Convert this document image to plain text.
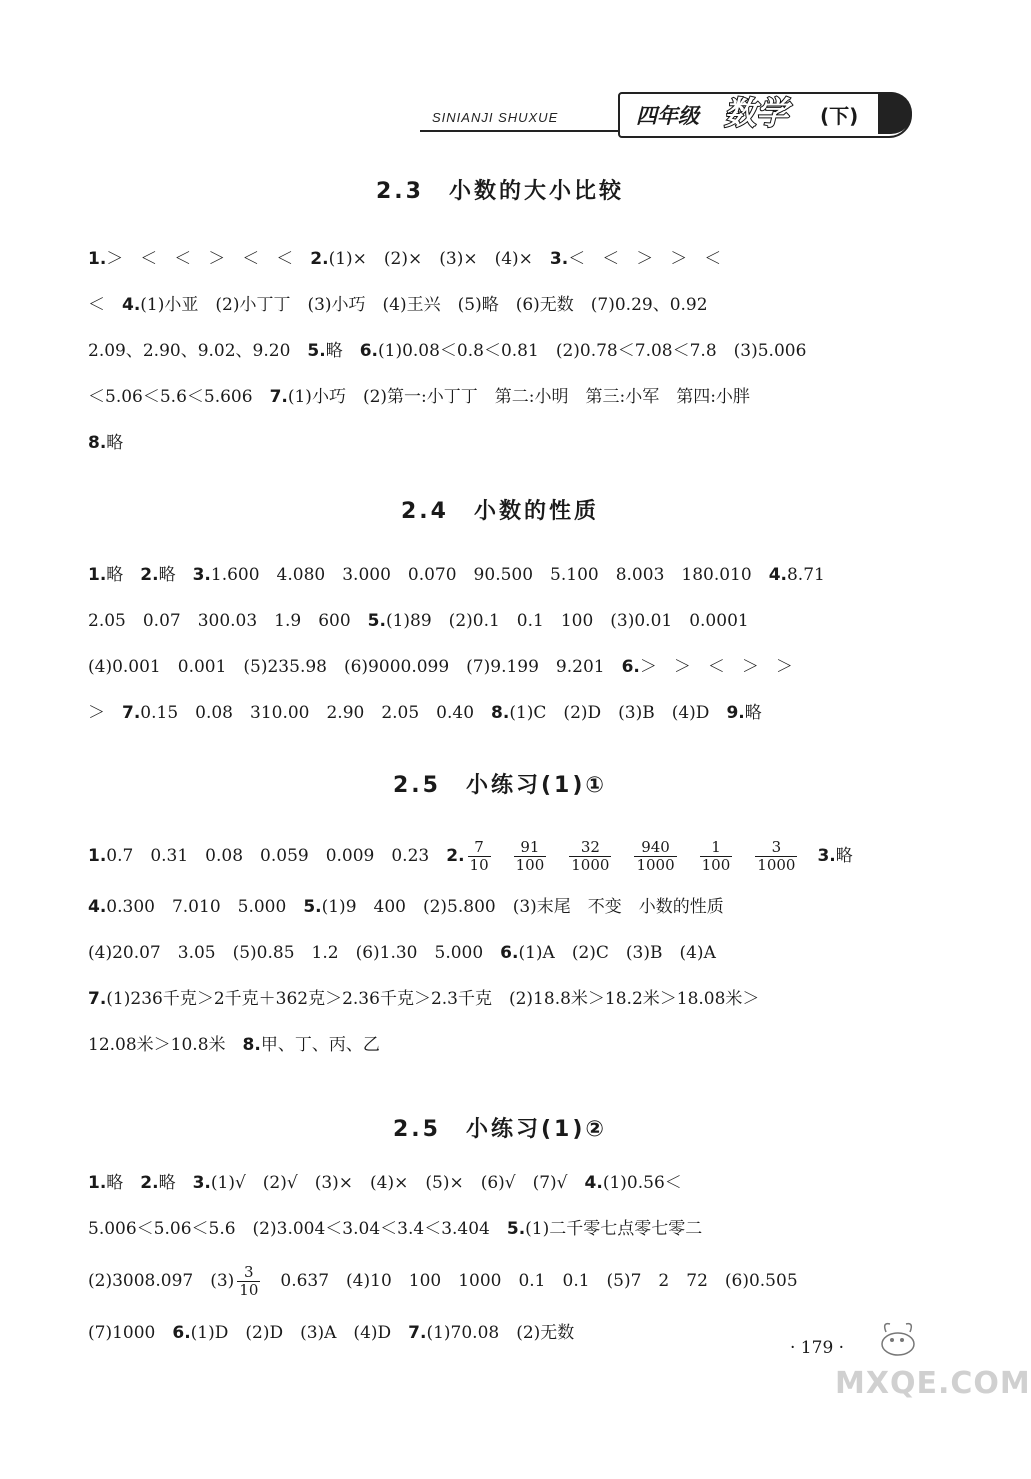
SINIANJI SHUXUE	四年级 数学 (下)
2.3　小数的大小比较
1.＞　＜　＜　＞　＜　＜　2.(1)×　(2)×　(3)×　(4)×　3.＜　＜　＞　＞　＜
＜　4.(1)小亚　(2)小丁丁　(3)小巧　(4)王兴　(5)略　(6)无数　(7)0.29、0.92
2.09、2.90、9.02、9.20　5.略　6.(1)0.08＜0.8＜0.81　(2)0.78＜7.08＜7.8　(3)5.006
＜5.06＜5.6＜5.606　7.(1)小巧　(2)第一:小丁丁　第二:小明　第三:小军　第四:小胖
8.略
2.4　小数的性质
1.略　2.略　3.1.600　4.080　3.000　0.070　90.500　5.100　8.003　180.010　4.8.71
2.05　0.07　300.03　1.9　600　5.(1)89　(2)0.1　0.1　100　(3)0.01　0.0001
(4)0.001　0.001　(5)235.98　(6)9000.099　(7)9.199　9.201　6.＞　＞　＜　＞　＞
＞　7.0.15　0.08　310.00　2.90　2.05　0.40　8.(1)C　(2)D　(3)B　(4)D　9.略
2.5　小练习(1)①
1.0.7　0.31　0.08　0.059　0.009　0.23　 2. $\frac{7}{10}$
　 $\frac{91}{100}$
　 $\frac{32}{1000}$
　 $\frac{940}{1000}$
　 $\frac{1}{100}$
　 $\frac{3}{1000}$
　 3.略
4.0.300　7.010　5.000　5.(1)9　400　(2)5.800　(3)末尾　不变　小数的性质
(4)20.07　3.05　(5)0.85　1.2　(6)1.30　5.000　6.(1)A　(2)C　(3)B　(4)A
7.(1)236千克＞2千克＋362克＞2.36千克＞2.3千克　(2)18.8米＞18.2米＞18.08米＞
12.08米＞10.8米　8.甲、丁、丙、乙
2.5　小练习(1)②
1.略　2.略　3.(1)√　(2)√　(3)×　(4)×　(5)×　(6)√　(7)√　4.(1)0.56＜
5.006＜5.06＜5.6　(2)3.004＜3.04＜3.4＜3.404　5.(1)二千零七点零七零二
(2)3008.097　$(3) \frac{3}{10}$ 　0.637　(4)10　100　1000　0.1　0.1　(5)7　2　72　(6)0.505
(7)1000　6.(1)D　(2)D　(3)A　(4)D　7.(1)70.08　(2)无数
· 179 ·
MXQE.COM
